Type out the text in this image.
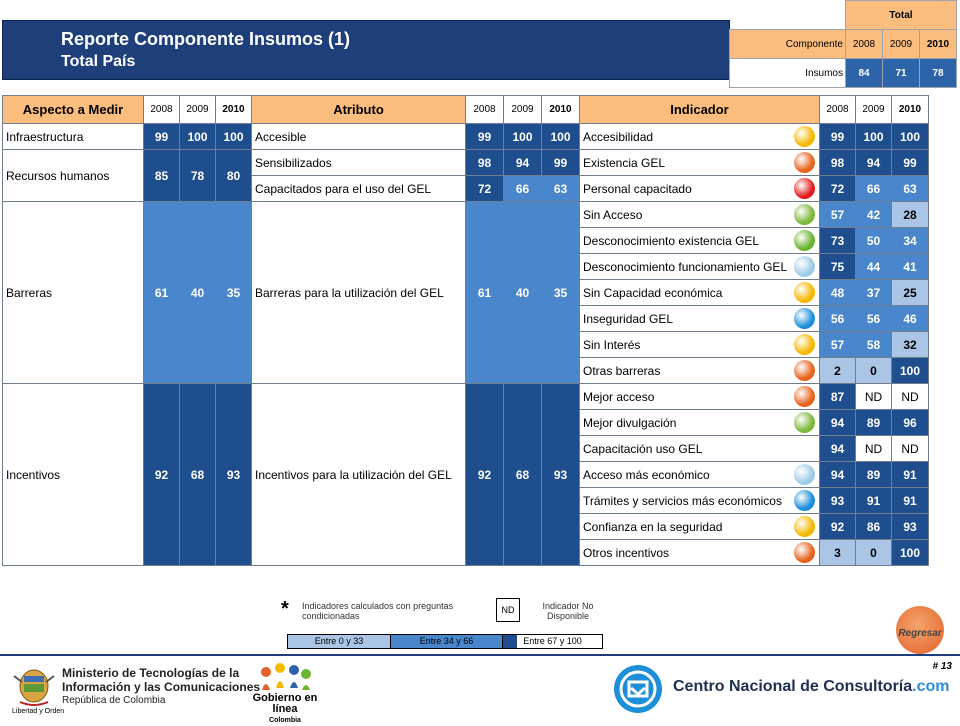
Reporte Componente Insumos (1)
Total País
	Total		
Componente	2008	2009	2010
Insumos	84	71	78
Aspecto a Medir	2008	2009	2010	Atributo	2008	2009	2010	Indicador	2008	2009	2010
Infraestructura	99	100	100	Accesible	99	100	100	Accesibilidad	99	100	100
Recursos humanos	85	78	80	Sensibilizados	98	94	99	Existencia GEL	98	94	99
				Capacitados para el uso del GEL	72	66	63	Personal capacitado	72	66	63
Barreras	61	40	35	Barreras para la utilización del GEL	61	40	35	Sin Acceso	57	42	28
								Desconocimiento existencia GEL	73	50	34
								Desconocimiento funcionamiento GEL	75	44	41
								Sin Capacidad económica	48	37	25
								Inseguridad GEL	56	56	46
								Sin Interés	57	58	32
								Otras barreras	2	0	100
Incentivos	92	68	93	Incentivos para la utilización del GEL	92	68	93	Mejor acceso	87	ND	ND
								Mejor divulgación	94	89	96
								Capacitación uso GEL	94	ND	ND
								Acceso más económico	94	89	91
								Trámites y servicios más económicos	93	91	91
								Confianza en la seguridad	92	86	93
								Otros incentivos	3	0	100
* Indicadores calculados con preguntas condicionadas
ND	Indicador No Disponible
Entre 0 y 33	Entre 34 y 66	Entre 67 y 100
Regresar
# 13
Ministerio de Tecnologías de la
Información y las Comunicaciones
República de Colombia
Libertad y Orden
Gobierno en línea
Colombia
Centro Nacional de Consultoría.com
